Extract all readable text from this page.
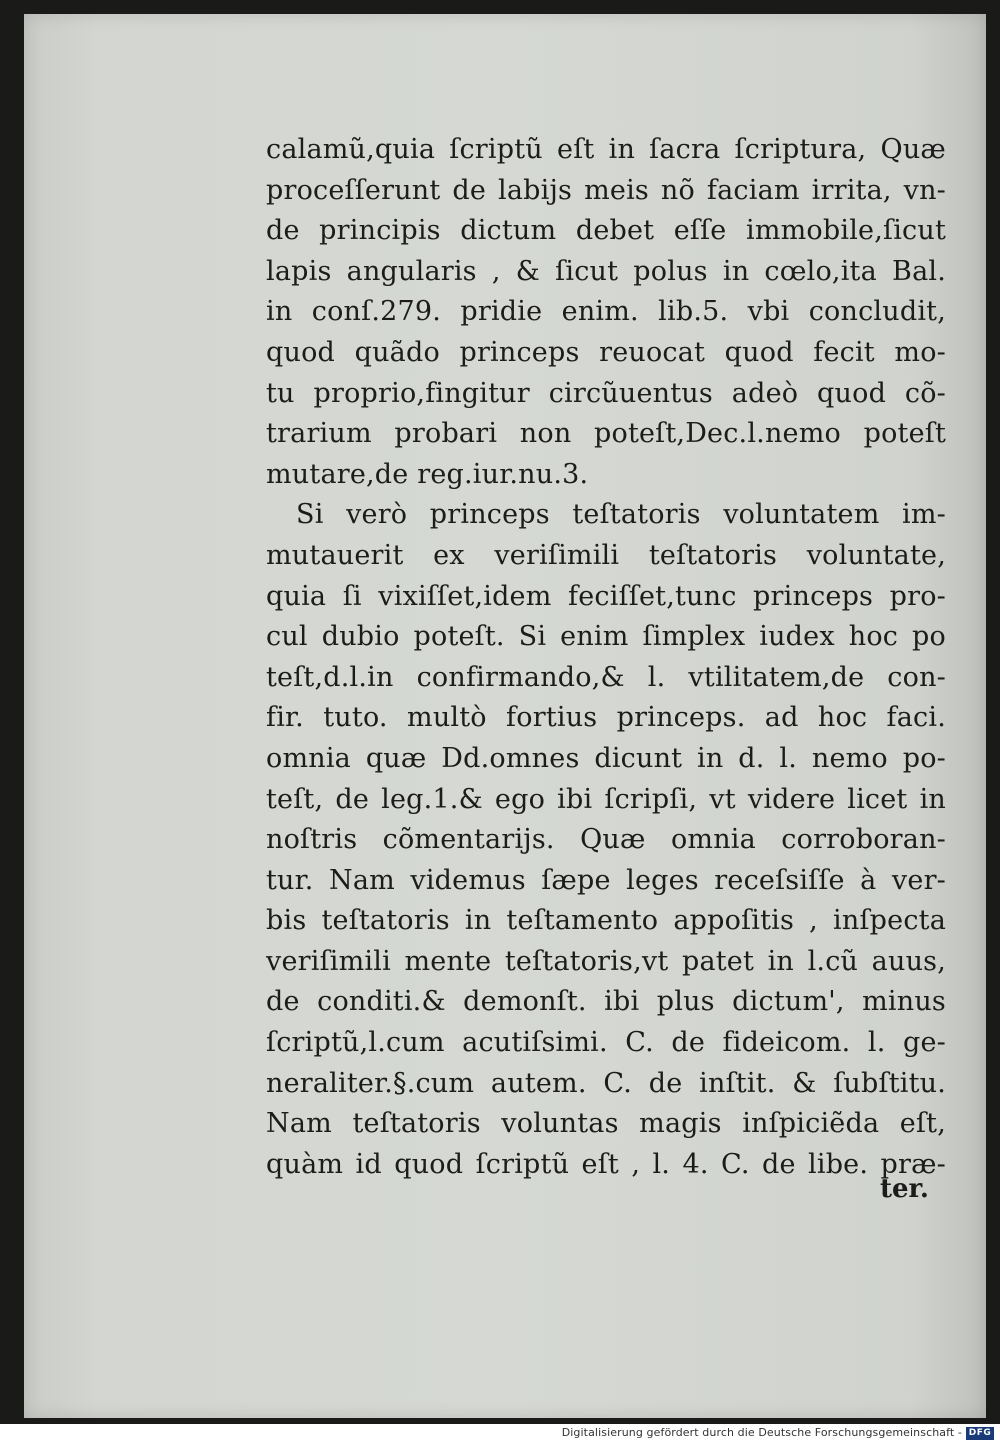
calamũ,quia ſcriptũ eſt in ſacra ſcriptura, Quæ
proceſſerunt de labijs meis nõ faciam irrita, vn-
de principis dictum debet eſſe immobile,ſicut
lapis angularis , & ſicut polus in cœlo,ita Bal.
in conſ.279. pridie enim. lib.5. vbi concludit,
quod quãdo princeps reuocat quod fecit mo-
tu proprio,fingitur circũuentus adeò quod cõ-
trarium probari non poteſt,Dec.l.nemo poteſt
mutare,de reg.iur.nu.3.
Si verò princeps teſtatoris voluntatem im-
mutauerit ex veriſimili teſtatoris voluntate,
quia ſi vixiſſet,idem feciſſet,tunc princeps pro-
cul dubio poteſt. Si enim ſimplex iudex hoc po
teſt,d.l.in confirmando,& l. vtilitatem,de con-
fir. tuto. multò fortius princeps. ad hoc faci.
omnia quæ Dd.omnes dicunt in d. l. nemo po-
teſt, de leg.1.& ego ibi ſcripſi, vt videre licet in
noſtris cõmentarijs. Quæ omnia corroboran-
tur. Nam videmus ſæpe leges receſsiſſe à ver-
bis teſtatoris in teſtamento appoſitis , inſpecta
veriſimili mente teſtatoris,vt patet in l.cũ auus,
de conditi.& demonſt. ibi plus dictum', minus
ſcriptũ,l.cum acutiſsimi. C. de fideicom. l. ge-
neraliter.§.cum autem. C. de inſtit. & ſubſtitu.
Nam teſtatoris voluntas magis inſpiciẽda eſt,
quàm id quod ſcriptũ eſt , l. 4. C. de libe. præ-
ter.
Digitalisierung gefördert durch die Deutsche Forschungsgemeinschaft - DFG
